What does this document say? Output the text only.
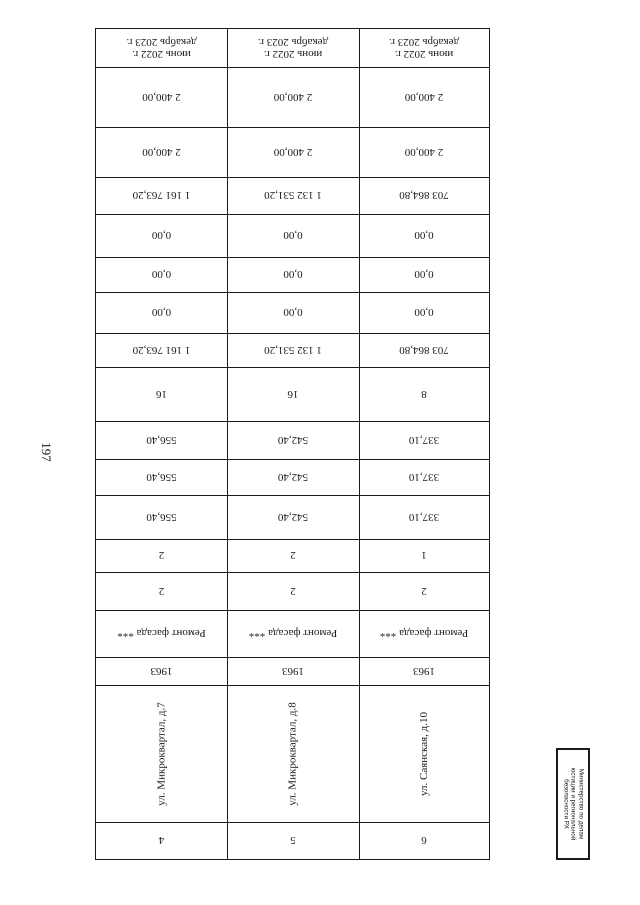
197
Министерство по делам
юстиции и региональной
безопасности РХ
июнь 2022 г.
декабрь 2023 г.
2 400,00
2 400,00
1 161 763,20
0,00
0,00
0,00
1 161 763,20
16
556,40
556,40
556,40
2
2
Ремонт фасада ***
1963
ул. Микроквартал, д.7
4
июнь 2022 г.
декабрь 2023 г.
2 400,00
2 400,00
1 132 531,20
0,00
0,00
0,00
1 132 531,20
16
542,40
542,40
542,40
2
2
Ремонт фасада ***
1963
ул. Микроквартал, д.8
5
июнь 2022 г.
декабрь 2023 г.
2 400,00
2 400,00
703 864,80
0,00
0,00
0,00
703 864,80
8
337,10
337,10
337,10
1
2
Ремонт фасада ***
1963
ул. Саянская, д.10
6
